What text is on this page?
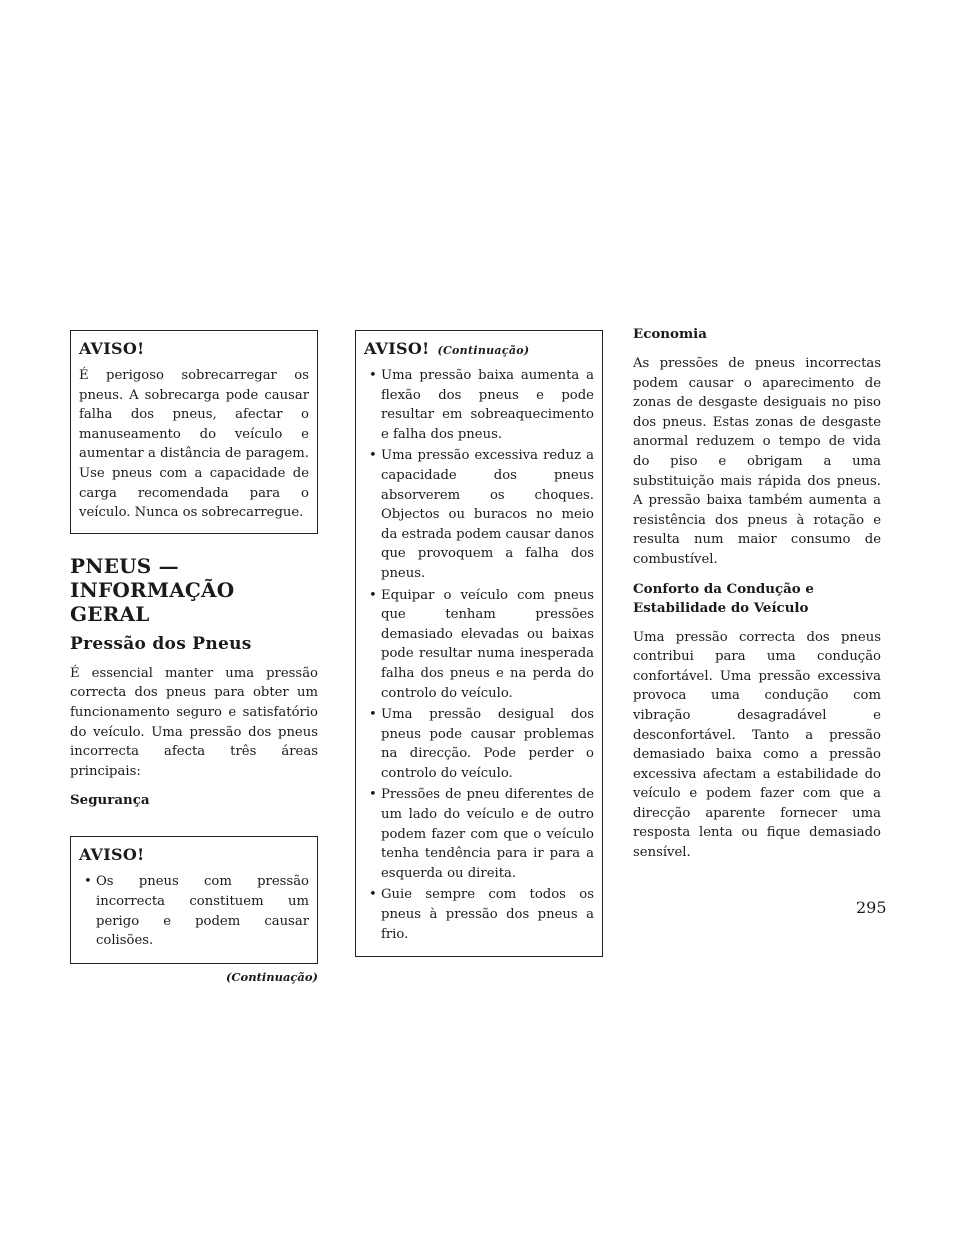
AVISO!

É perigoso sobrecarregar os pneus. A sobrecarga pode causar falha dos pneus, afectar o manuseamento do veículo e aumentar a distância de paragem. Use pneus com a capacidade de carga recomendada para o veículo. Nunca os sobrecarregue.

PNEUS — INFORMAÇÃO GERAL
Pressão dos Pneus

É essencial manter uma pressão correcta dos pneus para obter um funcionamento seguro e satisfatório do veículo. Uma pressão dos pneus incorrecta afecta três áreas principais:

Segurança
AVISO!
• Os pneus com pressão incorrecta constituem um perigo e podem causar colisões.
(Continuação)
AVISO! (Continuação)
• Uma pressão baixa aumenta a flexão dos pneus e pode resultar em sobreaquecimento e falha dos pneus.
• Uma pressão excessiva reduz a capacidade dos pneus absorverem os choques. Objectos ou buracos no meio da estrada podem causar danos que provoquem a falha dos pneus.
• Equipar o veículo com pneus que tenham pressões demasiado elevadas ou baixas pode resultar numa inesperada falha dos pneus e na perda do controlo do veículo.
• Uma pressão desigual dos pneus pode causar problemas na direcção. Pode perder o controlo do veículo.
• Pressões de pneu diferentes de um lado do veículo e de outro podem fazer com que o veículo tenha tendência para ir para a esquerda ou direita.
• Guie sempre com todos os pneus à pressão dos pneus a frio.
Economia

As pressões de pneus incorrectas podem causar o aparecimento de zonas de desgaste desiguais no piso dos pneus. Estas zonas de desgaste anormal reduzem o tempo de vida do piso e obrigam a uma substituição mais rápida dos pneus. A pressão baixa também aumenta a resistência dos pneus à rotação e resulta num maior consumo de combustível.

Conforto da Condução e Estabilidade do Veículo

Uma pressão correcta dos pneus contribui para uma condução confortável. Uma pressão excessiva provoca uma condução com vibração desagradável e desconfortável. Tanto a pressão demasiado baixa como a pressão excessiva afectam a estabilidade do veículo e podem fazer com que a direcção aparente fornecer uma resposta lenta ou fique demasiado sensível.

295
